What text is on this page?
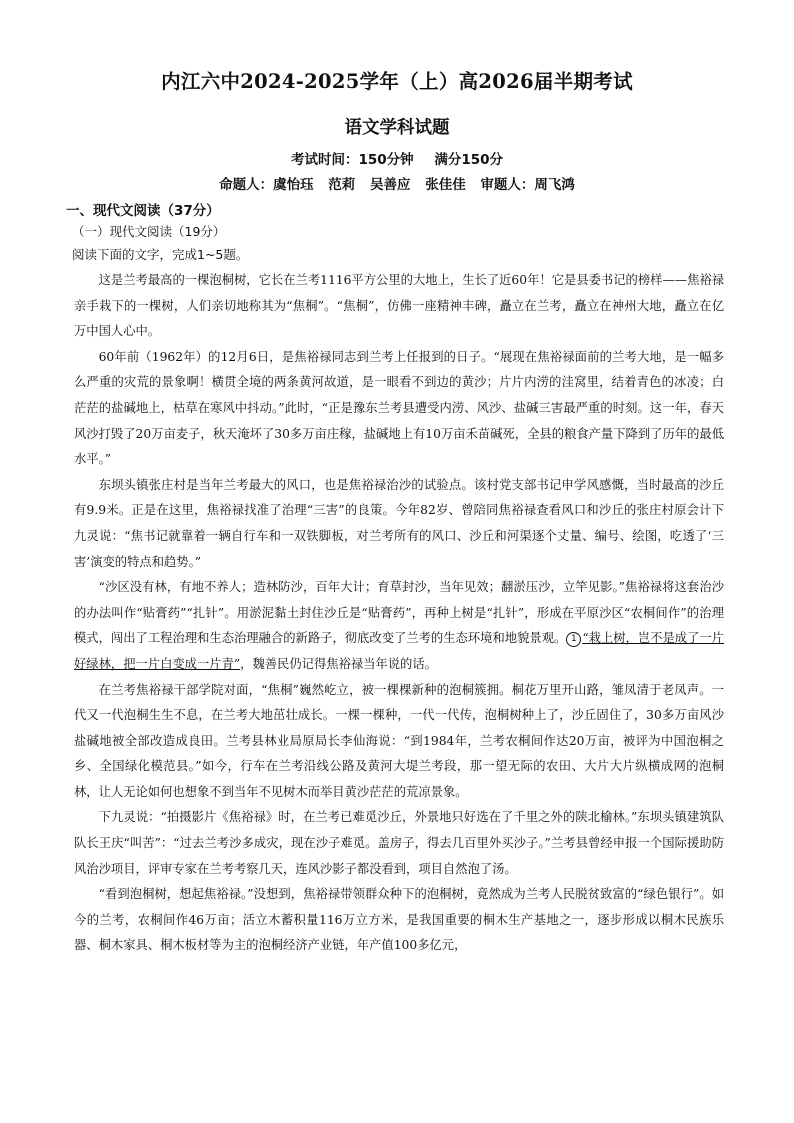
内江六中2024-2025学年（上）高2026届半期考试
语文学科试题
考试时间：150分钟 满分150分
命题人：虞怡珏 范莉 吴善应 张佳佳 审题人：周飞鸿
一、现代文阅读（37分）
（一）现代文阅读（19分）
阅读下面的文字，完成1~5题。

这是兰考最高的一棵泡桐树，它长在兰考1116平方公里的大地上，生长了近60年！它是县委书记的榜样——焦裕禄亲手栽下的一棵树，人们亲切地称其为“焦桐”。“焦桐”，仿佛一座精神丰碑，矗立在兰考，矗立在神州大地，矗立在亿万中国人心中。

60年前（1962年）的12月6日，是焦裕禄同志到兰考上任报到的日子。“展现在焦裕禄面前的兰考大地，是一幅多么严重的灾荒的景象啊！横贯全境的两条黄河故道，是一眼看不到边的黄沙；片片内涝的洼窝里，结着青色的冰凌；白茫茫的盐碱地上，枯草在寒风中抖动。”此时，“正是豫东兰考县遭受内涝、风沙、盐碱三害最严重的时刻。这一年，春天风沙打毁了20万亩麦子，秋天淹坏了30多万亩庄稼，盐碱地上有10万亩禾苗碱死，全县的粮食产量下降到了历年的最低水平。”

东坝头镇张庄村是当年兰考最大的风口，也是焦裕禄治沙的试验点。该村党支部书记申学风感慨，当时最高的沙丘有9.9米。正是在这里，焦裕禄找准了治理“三害”的良策。今年82岁、曾陪同焦裕禄查看风口和沙丘的张庄村原会计下九灵说：“焦书记就靠着一辆自行车和一双铁脚板，对兰考所有的风口、沙丘和河渠逐个丈量、编号、绘图，吃透了‘三害’演变的特点和趋势。”

“沙区没有林，有地不养人；造林防沙，百年大计；育草封沙，当年见效；翻淤压沙，立竿见影。”焦裕禄将这套治沙的办法叫作“贴膏药”“扎针”。用淤泥黏土封住沙丘是“贴膏药”，再种上树是“扎针”，形成在平原沙区“农桐间作”的治理模式，闯出了工程治理和生态治理融合的新路子，彻底改变了兰考的生态环境和地貌景观。 1 “栽上树，岂不是成了一片好绿林，把一片白变成一片青”，魏善民仍记得焦裕禄当年说的话。

在兰考焦裕禄干部学院对面，“焦桐”巍然屹立，被一棵棵新种的泡桐簇拥。桐花万里开山路，雏凤清于老凤声。一代又一代泡桐生生不息，在兰考大地茁壮成长。一棵一棵种，一代一代传，泡桐树种上了，沙丘固住了，30多万亩风沙盐碱地被全部改造成良田。兰考县林业局原局长李仙海说：“到1984年，兰考农桐间作达20万亩，被评为中国泡桐之乡、全国绿化模范县。”如今，行车在兰考沿线公路及黄河大堤兰考段，那一望无际的农田、大片大片纵横成网的泡桐林，让人无论如何也想象不到当年不见树木而举目黄沙茫茫的荒凉景象。

下九灵说：“拍摄影片《焦裕禄》时，在兰考已难觅沙丘，外景地只好选在了千里之外的陕北榆林。”东坝头镇建筑队队长王庆“叫苦”：“过去兰考沙多成灾，现在沙子难觅。盖房子，得去几百里外买沙子。”兰考县曾经申报一个国际援助防风治沙项目，评审专家在兰考考察几天，连风沙影子都没看到，项目自然泡了汤。

“看到泡桐树，想起焦裕禄。”没想到，焦裕禄带领群众种下的泡桐树，竟然成为兰考人民脱贫致富的“绿色银行”。如今的兰考，农桐间作46万亩；活立木蓄积量116万立方米，是我国重要的桐木生产基地之一，逐步形成以桐木民族乐器、桐木家具、桐木板材等为主的泡桐经济产业链，年产值100多亿元，
